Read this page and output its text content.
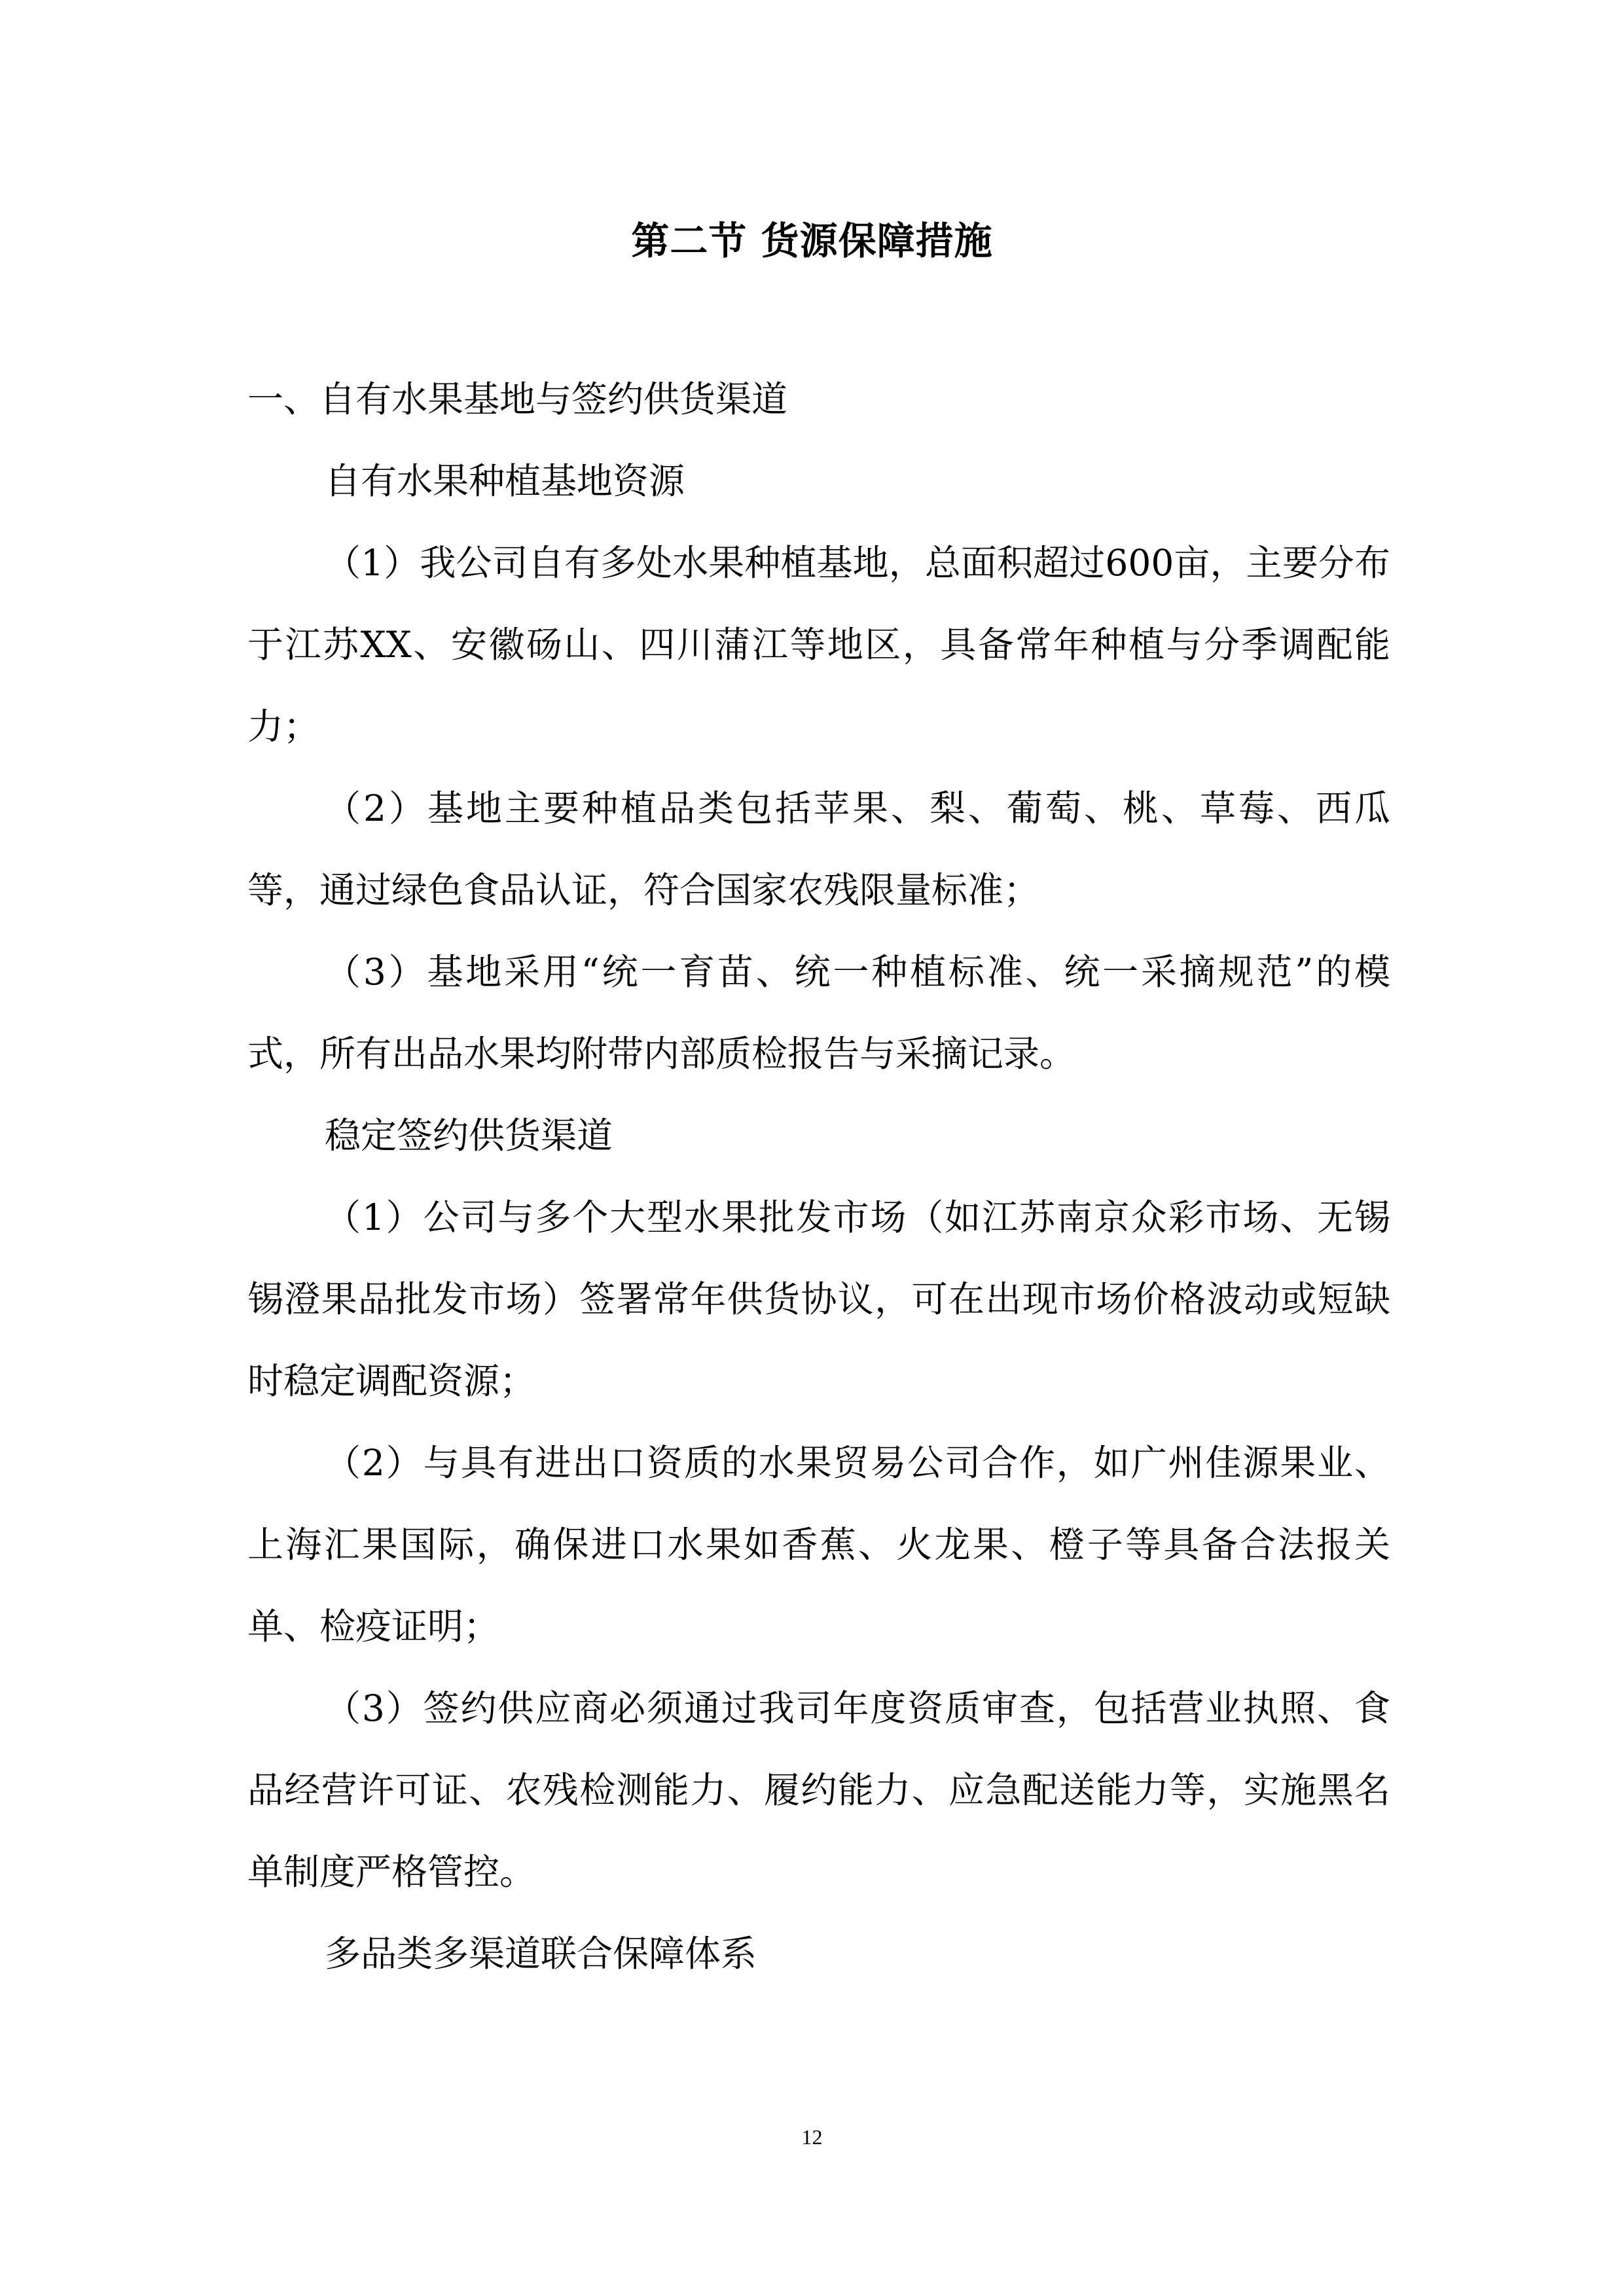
第二节 货源保障措施

一、自有水果基地与签约供货渠道

自有水果种植基地资源

（1）我公司自有多处水果种植基地，总面积超过600亩，主要分布于江苏XX、安徽砀山、四川蒲江等地区，具备常年种植与分季调配能力；

（2）基地主要种植品类包括苹果、梨、葡萄、桃、草莓、西瓜等，通过绿色食品认证，符合国家农残限量标准；

（3）基地采用“统一育苗、统一种植标准、统一采摘规范”的模式，所有出品水果均附带内部质检报告与采摘记录。

稳定签约供货渠道

（1）公司与多个大型水果批发市场（如江苏南京众彩市场、无锡锡澄果品批发市场）签署常年供货协议，可在出现市场价格波动或短缺时稳定调配资源；

（2）与具有进出口资质的水果贸易公司合作，如广州佳源果业、上海汇果国际，确保进口水果如香蕉、火龙果、橙子等具备合法报关单、检疫证明；

（3）签约供应商必须通过我司年度资质审查，包括营业执照、食品经营许可证、农残检测能力、履约能力、应急配送能力等，实施黑名单制度严格管控。

多品类多渠道联合保障体系

12
